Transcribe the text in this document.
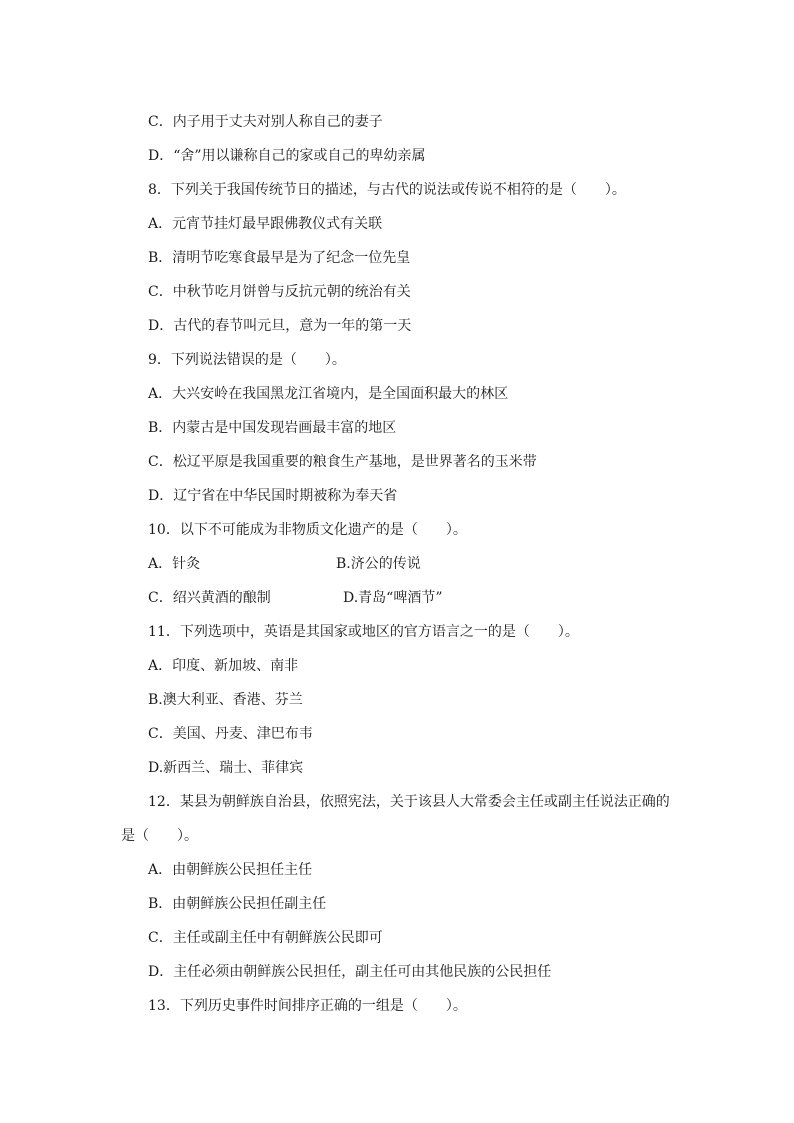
C．内子用于丈夫对别人称自己的妻子
D．“舍”用以谦称自己的家或自己的卑幼亲属
8．下列关于我国传统节日的描述，与古代的说法或传说不相符的是（　　）。
A．元宵节挂灯最早跟佛教仪式有关联
B．清明节吃寒食最早是为了纪念一位先皇
C．中秋节吃月饼曾与反抗元朝的统治有关
D．古代的春节叫元旦，意为一年的第一天
9．下列说法错误的是（　　）。
A．大兴安岭在我国黑龙江省境内，是全国面积最大的林区
B．内蒙古是中国发现岩画最丰富的地区
C．松辽平原是我国重要的粮食生产基地，是世界著名的玉米带
D．辽宁省在中华民国时期被称为奉天省
10．以下不可能成为非物质文化遗产的是（　　）。
A．针灸	B.济公的传说
C．绍兴黄酒的酿制	D.青岛“啤酒节”
11．下列选项中，英语是其国家或地区的官方语言之一的是（　　）。
A．印度、新加坡、南非
B.澳大利亚、香港、芬兰
C．美国、丹麦、津巴布韦
D.新西兰、瑞士、菲律宾
12．某县为朝鲜族自治县，依照宪法，关于该县人大常委会主任或副主任说法正确的
是（　　）。
A．由朝鲜族公民担任主任
B．由朝鲜族公民担任副主任
C．主任或副主任中有朝鲜族公民即可
D．主任必须由朝鲜族公民担任，副主任可由其他民族的公民担任
13．下列历史事件时间排序正确的一组是（　　）。
